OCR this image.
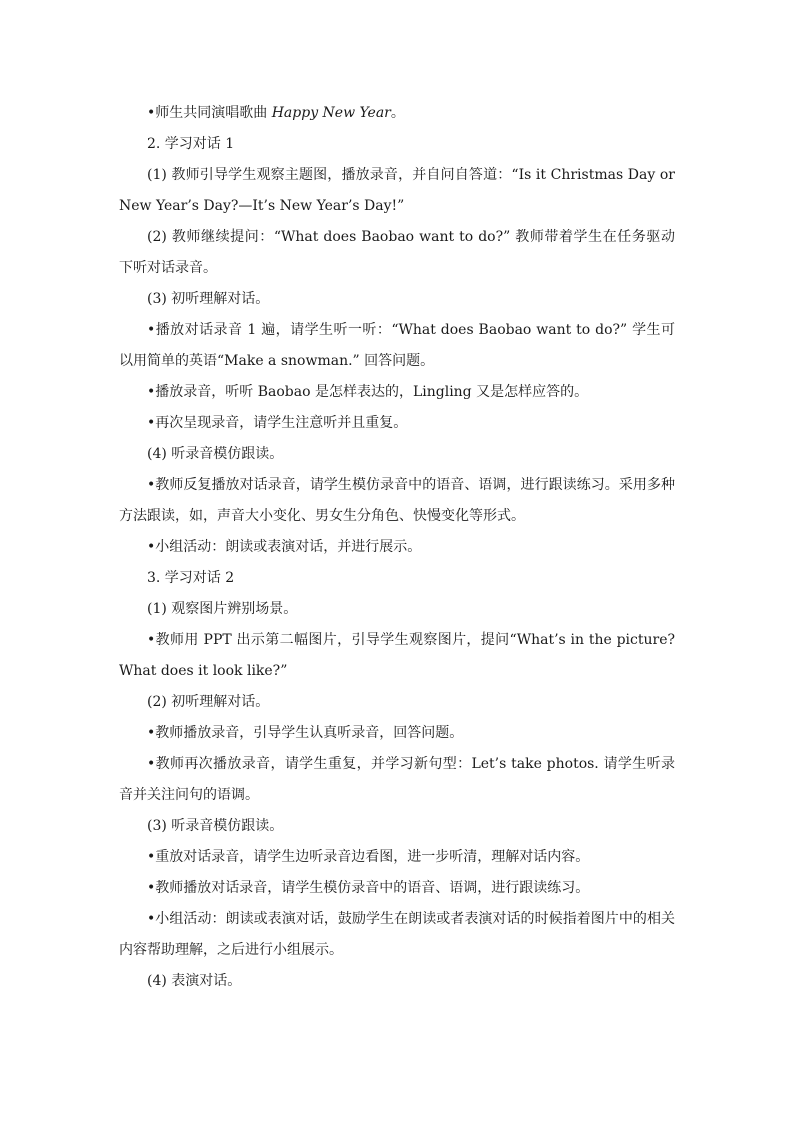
•师生共同演唱歌曲 Happy New Year。

2. 学习对话 1

(1) 教师引导学生观察主题图，播放录音，并自问自答道：“Is it Christmas Day or New Year’s Day?—It’s New Year’s Day!”

(2) 教师继续提问：“What does Baobao want to do?” 教师带着学生在任务驱动下听对话录音。

(3) 初听理解对话。

•播放对话录音 1 遍，请学生听一听：“What does Baobao want to do?” 学生可以用简单的英语“Make a snowman.” 回答问题。

•播放录音，听听 Baobao 是怎样表达的，Lingling 又是怎样应答的。

•再次呈现录音，请学生注意听并且重复。

(4) 听录音模仿跟读。

•教师反复播放对话录音，请学生模仿录音中的语音、语调，进行跟读练习。采用多种方法跟读，如，声音大小变化、男女生分角色、快慢变化等形式。

•小组活动：朗读或表演对话，并进行展示。

3. 学习对话 2

(1) 观察图片辨别场景。

•教师用 PPT 出示第二幅图片，引导学生观察图片，提问“What’s in the picture? What does it look like?”

(2) 初听理解对话。

•教师播放录音，引导学生认真听录音，回答问题。

•教师再次播放录音，请学生重复，并学习新句型：Let’s take photos. 请学生听录音并关注问句的语调。

(3) 听录音模仿跟读。

•重放对话录音，请学生边听录音边看图，进一步听清，理解对话内容。

•教师播放对话录音，请学生模仿录音中的语音、语调，进行跟读练习。

•小组活动：朗读或表演对话，鼓励学生在朗读或者表演对话的时候指着图片中的相关内容帮助理解，之后进行小组展示。

(4) 表演对话。
